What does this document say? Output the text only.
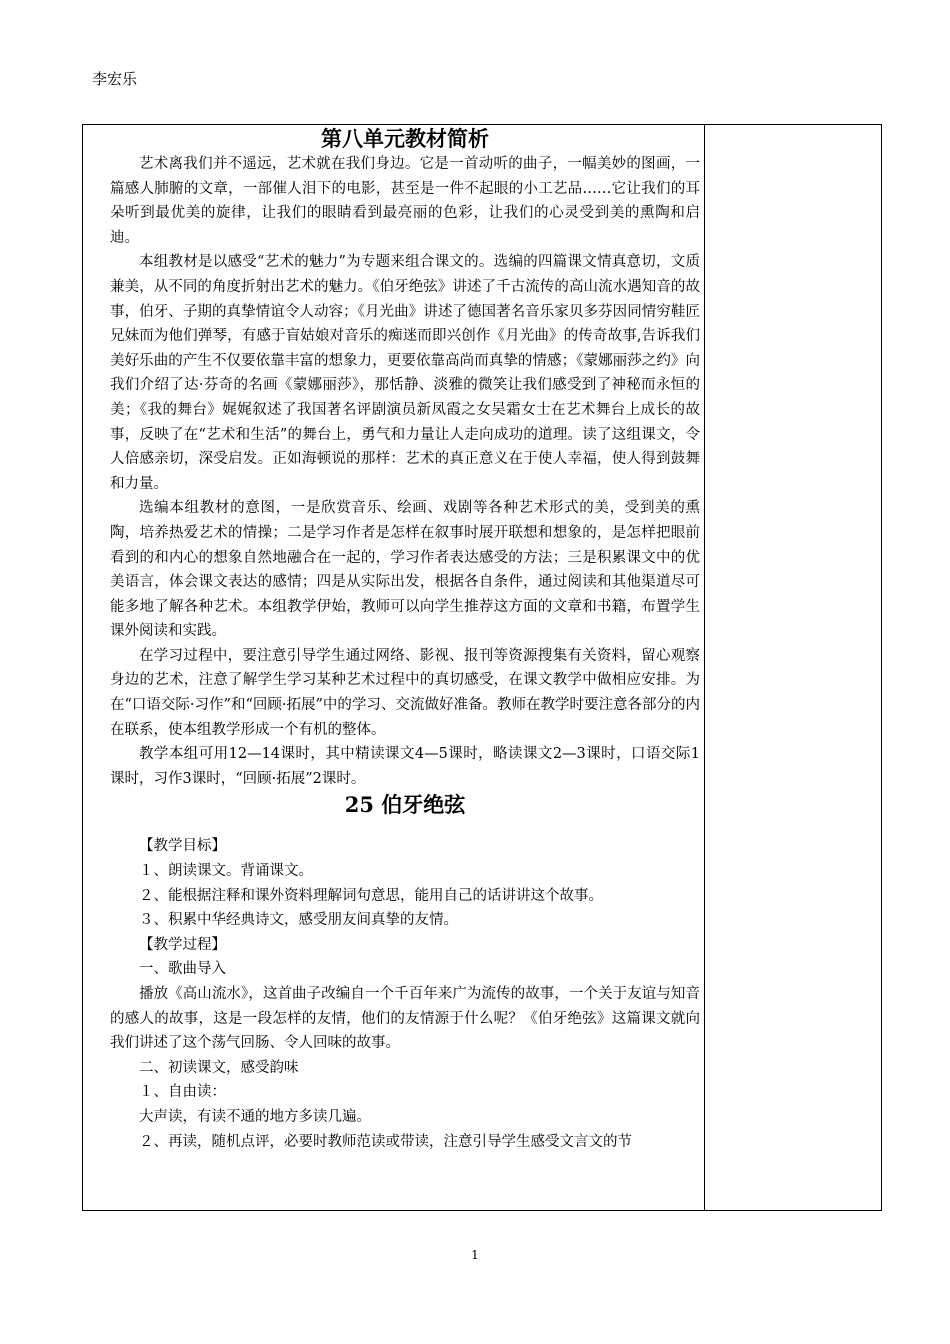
李宏乐
第八单元教材简析

艺术离我们并不遥远，艺术就在我们身边。它是一首动听的曲子，一幅美妙的图画，一篇感人肺腑的文章，一部催人泪下的电影，甚至是一件不起眼的小工艺品……它让我们的耳朵听到最优美的旋律，让我们的眼睛看到最亮丽的色彩，让我们的心灵受到美的熏陶和启迪。

本组教材是以感受“艺术的魅力”为专题来组合课文的。选编的四篇课文情真意切，文质兼美，从不同的角度折射出艺术的魅力。《伯牙绝弦》讲述了千古流传的高山流水遇知音的故事，伯牙、子期的真挚情谊令人动容；《月光曲》讲述了德国著名音乐家贝多芬因同情穷鞋匠兄妹而为他们弹琴，有感于盲姑娘对音乐的痴迷而即兴创作《月光曲》的传奇故事,告诉我们美好乐曲的产生不仅要依靠丰富的想象力，更要依靠高尚而真挚的情感；《蒙娜丽莎之约》向我们介绍了达·芬奇的名画《蒙娜丽莎》，那恬静、淡雅的微笑让我们感受到了神秘而永恒的美；《我的舞台》娓娓叙述了我国著名评剧演员新凤霞之女吴霜女士在艺术舞台上成长的故事，反映了在“艺术和生活”的舞台上，勇气和力量让人走向成功的道理。读了这组课文，令人倍感亲切，深受启发。正如海顿说的那样：艺术的真正意义在于使人幸福，使人得到鼓舞和力量。

选编本组教材的意图，一是欣赏音乐、绘画、戏剧等各种艺术形式的美，受到美的熏陶，培养热爱艺术的情操；二是学习作者是怎样在叙事时展开联想和想象的，是怎样把眼前看到的和内心的想象自然地融合在一起的，学习作者表达感受的方法；三是积累课文中的优美语言，体会课文表达的感情；四是从实际出发，根据各自条件，通过阅读和其他渠道尽可能多地了解各种艺术。本组教学伊始，教师可以向学生推荐这方面的文章和书籍，布置学生课外阅读和实践。

在学习过程中，要注意引导学生通过网络、影视、报刊等资源搜集有关资料，留心观察身边的艺术，注意了解学生学习某种艺术过程中的真切感受，在课文教学中做相应安排。为在“口语交际·习作”和“回顾·拓展”中的学习、交流做好准备。教师在教学时要注意各部分的内在联系，使本组教学形成一个有机的整体。

教学本组可用12—14课时，其中精读课文4—5课时，略读课文2—3课时，口语交际1课时，习作3课时，“回顾·拓展”2课时。

25 伯牙绝弦

【教学目标】

１、朗读课文。背诵课文。

２、能根据注释和课外资料理解词句意思，能用自己的话讲讲这个故事。

３、积累中华经典诗文，感受朋友间真挚的友情。

【教学过程】

一、歌曲导入

播放《高山流水》，这首曲子改编自一个千百年来广为流传的故事，一个关于友谊与知音的感人的故事，这是一段怎样的友情，他们的友情源于什么呢？《伯牙绝弦》这篇课文就向我们讲述了这个荡气回肠、令人回味的故事。

二、初读课文，感受韵味

１、自由读：

大声读，有读不通的地方多读几遍。

２、再读，随机点评，必要时教师范读或带读，注意引导学生感受文言文的节

1
